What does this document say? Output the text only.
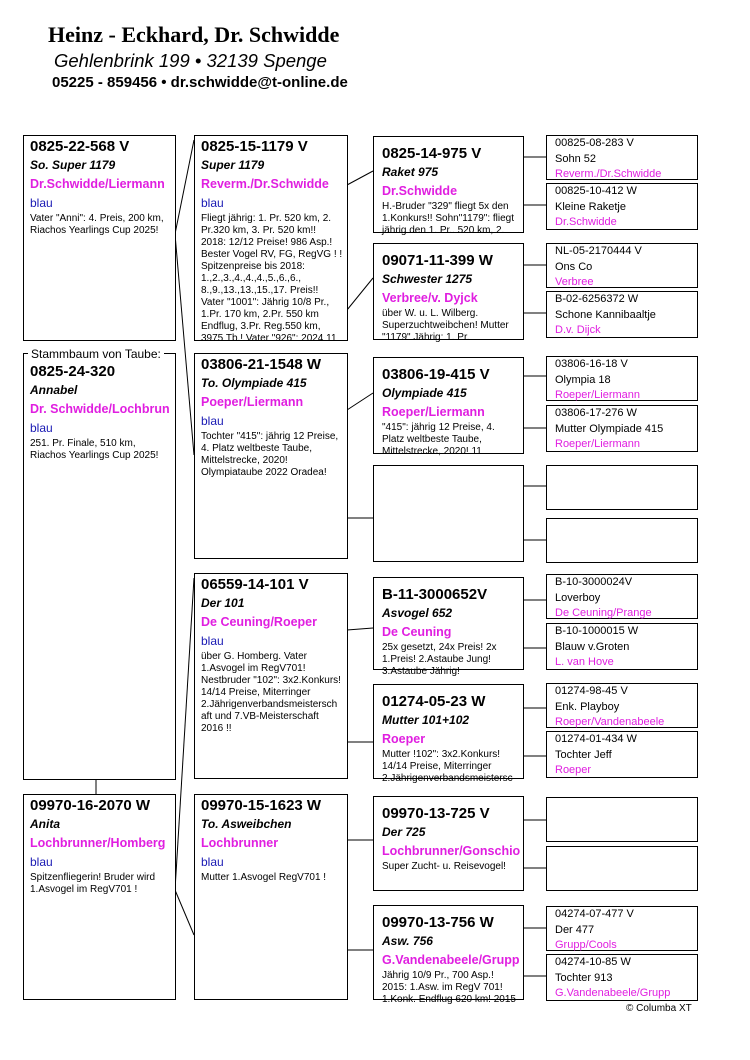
Heinz - Eckhard, Dr. Schwidde
Gehlenbrink 199 • 32139 Spenge
05225 - 859456 • dr.schwidde@t-online.de
0825-22-568 V
So. Super 1179
Dr.Schwidde/Liermann
blau
Vater "Anni": 4. Preis, 200 km, Riachos Yearlings Cup 2025!
0825-24-320
Annabel
Dr. Schwidde/Lochbrun
blau
251. Pr. Finale, 510 km, Riachos Yearlings Cup 2025!
Stammbaum von Taube:
09970-16-2070 W
Anita
Lochbrunner/Homberg
blau
Spitzenfliegerin! Bruder wird 1.Asvogel im RegV701 !
0825-15-1179 V
Super 1179
Reverm./Dr.Schwidde
blau
Fliegt jährig: 1. Pr. 520 km, 2. Pr.320 km, 3. Pr. 520 km!! 2018: 12/12 Preise! 986 Asp.! Bester Vogel RV, FG, RegVG ! ! Spitzenpreise bis 2018: 1.,2.,3.,4.,4.,4.,5.,6.,6., 8.,9.,13.,13.,15.,17. Preis!! Vater "1001": Jährig 10/8 Pr., 1.Pr. 170 km, 2.Pr. 550 km Endflug, 3.Pr. Reg.550 km, 3975 Tb.! Vater "926": 2024 11
03806-21-1548 W
To. Olympiade 415
Poeper/Liermann
blau
Tochter "415": jährig 12 Preise, 4. Platz weltbeste Taube, Mittelstrecke, 2020! Olympiataube 2022 Oradea!
06559-14-101 V
Der 101
De Ceuning/Roeper
blau
über G. Homberg. Vater 1.Asvogel im RegV701! Nestbruder "102": 3x2.Konkurs! 14/14 Preise, Miterringer 2.Jährigenverbandsmeistersch aft und 7.VB-Meisterschaft 2016 !!
09970-15-1623 W
To. Asweibchen
Lochbrunner
blau
Mutter 1.Asvogel RegV701 !
0825-14-975 V
Raket 975
Dr.Schwidde
H.-Bruder "329" fliegt 5x den 1.Konkurs!! Sohn"1179": fliegt jährig den 1. Pr.. 520 km, 2.
09071-11-399 W
Schwester 1275
Verbree/v. Dyjck
über W. u. L. Wilberg. Superzuchtweibchen! Mutter "1179" Jährig: 1. Pr.
03806-19-415 V
Olympiade 415
Roeper/Liermann
"415": jährig 12 Preise, 4. Platz weltbeste Taube, Mittelstrecke, 2020! 11
B-11-3000652V
Asvogel 652
De Ceuning
25x gesetzt, 24x Preis! 2x 1.Preis! 2.Astaube Jung! 3.Astaube Jährig!
01274-05-23 W
Mutter 101+102
Roeper
Mutter !102": 3x2.Konkurs! 14/14 Preise, Miterringer 2.Jährigenverbandsmeistersc
09970-13-725 V
Der 725
Lochbrunner/Gonschio
Super Zucht- u. Reisevogel!
09970-13-756 W
Asw. 756
G.Vandenabeele/Grupp
Jährig 10/9 Pr., 700 Asp.! 2015: 1.Asw. im RegV 701! 1.Konk. Endflug 620 km! 2015
00825-08-283 V
Sohn 52
Reverm./Dr.Schwidde
00825-10-412 W
Kleine Raketje
Dr.Schwidde
NL-05-2170444 V
Ons Co
Verbree
B-02-6256372 W
Schone Kannibaaltje
D.v. Dijck
03806-16-18 V
Olympia 18
Roeper/Liermann
03806-17-276 W
Mutter Olympiade 415
Roeper/Liermann
B-10-3000024V
Loverboy
De Ceuning/Prange
B-10-1000015 W
Blauw v.Groten
L. van Hove
01274-98-45 V
Enk. Playboy
Roeper/Vandenabeele
01274-01-434 W
Tochter Jeff
Roeper
04274-07-477 V
Der 477
Grupp/Cools
04274-10-85 W
Tochter 913
G.Vandenabeele/Grupp
© Columba XT
